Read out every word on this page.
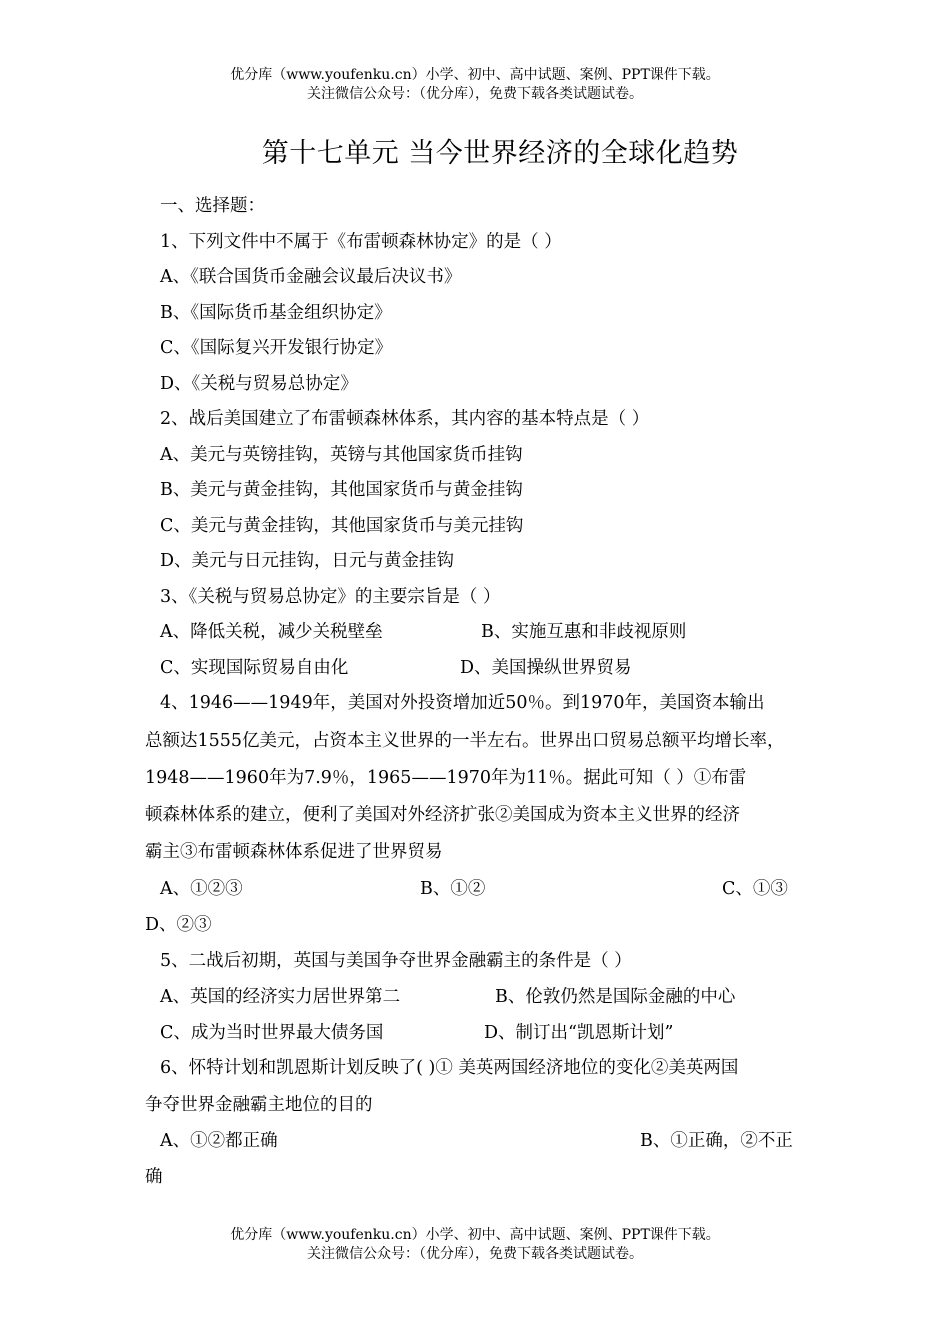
优分库（www.youfenku.cn）小学、初中、高中试题、案例、PPT课件下载。
关注微信公众号：（优分库），免费下载各类试题试卷。
第十七单元 当今世界经济的全球化趋势
一、选择题：
1、下列文件中不属于《布雷顿森林协定》的是（ ）
A、《联合国货币金融会议最后决议书》
B、《国际货币基金组织协定》
C、《国际复兴开发银行协定》
D、《关税与贸易总协定》
2、战后美国建立了布雷顿森林体系，其内容的基本特点是（ ）
A、美元与英镑挂钩，英镑与其他国家货币挂钩
B、美元与黄金挂钩，其他国家货币与黄金挂钩
C、美元与黄金挂钩，其他国家货币与美元挂钩
D、美元与日元挂钩，日元与黄金挂钩
3、《关税与贸易总协定》的主要宗旨是（ ）
A、降低关税，减少关税壁垒	B、实施互惠和非歧视原则
C、实现国际贸易自由化	D、美国操纵世界贸易
4、1946——1949年，美国对外投资增加近50％。到1970年，美国资本输出
总额达1555亿美元，占资本主义世界的一半左右。世界出口贸易总额平均增长率，
1948——1960年为7.9％，1965——1970年为11％。据此可知（ ）①布雷
顿森林体系的建立，便利了美国对外经济扩张②美国成为资本主义世界的经济
霸主③布雷顿森林体系促进了世界贸易
A、①②③	B、①②	C、①③
D、②③
5、二战后初期，英国与美国争夺世界金融霸主的条件是（ ）
A、英国的经济实力居世界第二	B、伦敦仍然是国际金融的中心
C、成为当时世界最大债务国	D、制订出“凯恩斯计划”
6、怀特计划和凯恩斯计划反映了( )① 美英两国经济地位的变化②美英两国
争夺世界金融霸主地位的目的
A、①②都正确	B、①正确，②不正
确
优分库（www.youfenku.cn）小学、初中、高中试题、案例、PPT课件下载。
关注微信公众号：（优分库），免费下载各类试题试卷。
